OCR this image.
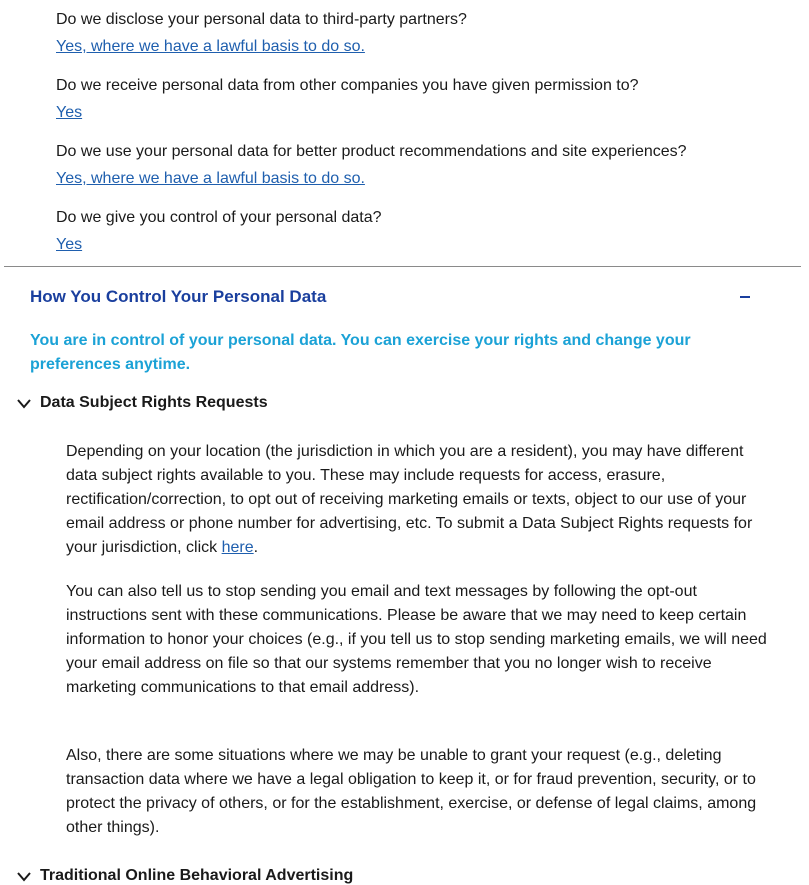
Do we disclose your personal data to third-party partners?
Yes, where we have a lawful basis to do so.
Do we receive personal data from other companies you have given permission to?
Yes
Do we use your personal data for better product recommendations and site experiences?
Yes, where we have a lawful basis to do so.
Do we give you control of your personal data?
Yes
How You Control Your Personal Data
You are in control of your personal data. You can exercise your rights and change your preferences anytime.
Data Subject Rights Requests

Depending on your location (the jurisdiction in which you are a resident), you may have different data subject rights available to you. These may include requests for access, erasure, rectification/correction, to opt out of receiving marketing emails or texts, object to our use of your email address or phone number for advertising, etc. To submit a Data Subject Rights requests for your jurisdiction, click here.

You can also tell us to stop sending you email and text messages by following the opt-out instructions sent with these communications. Please be aware that we may need to keep certain information to honor your choices (e.g., if you tell us to stop sending marketing emails, we will need your email address on file so that our systems remember that you no longer wish to receive marketing communications to that email address).

Also, there are some situations where we may be unable to grant your request (e.g., deleting transaction data where we have a legal obligation to keep it, or for fraud prevention, security, or to protect the privacy of others, or for the establishment, exercise, or defense of legal claims, among other things).

Traditional Online Behavioral Advertising
